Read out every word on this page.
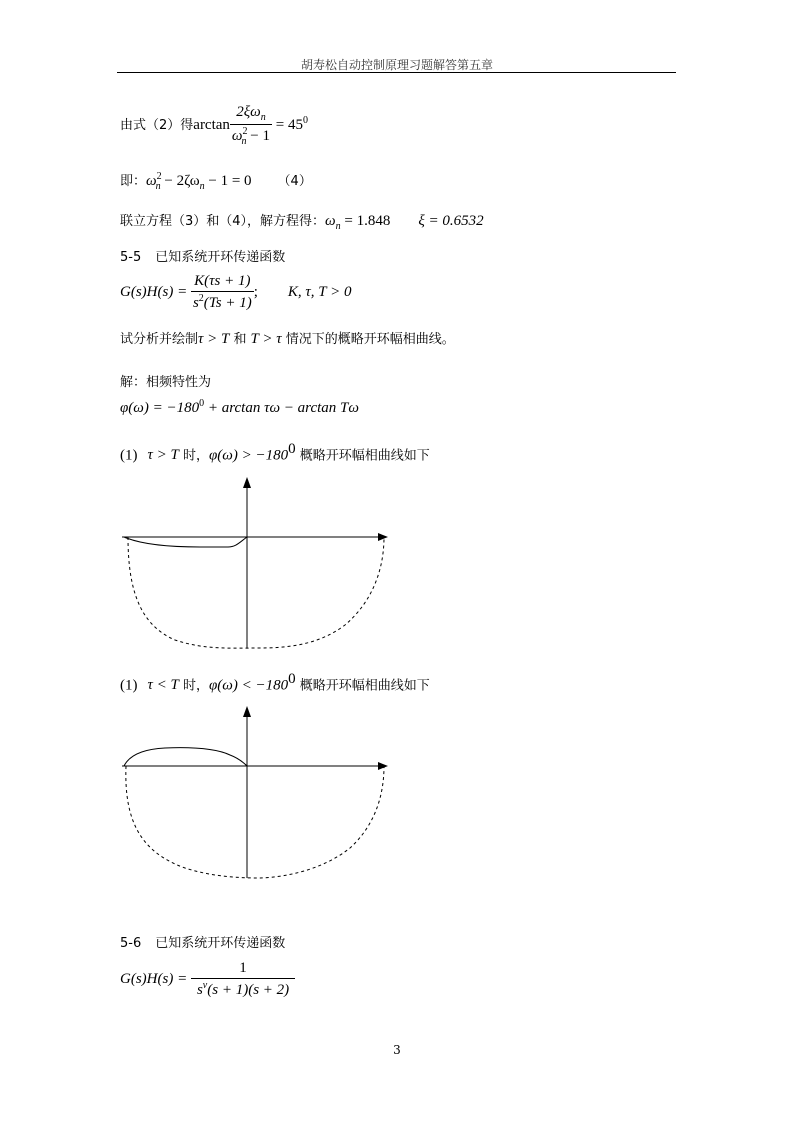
胡寿松自动控制原理习题解答第五章
由式（2）得$\arctan \frac{2\xi\omega_n}{\omega^2_n - 1} = 45^0$
即：$\omega^2_n - 2\zeta\omega_n - 1 = 0$ （4）
联立方程（3）和（4），解方程得：$\omega_n = 1.848$ ξ = 0.6532
5-5 已知系统开环传递函数
$G(s)H(s) = \frac{K(\tau s + 1)}{s^2(Ts + 1)}$ ; K, τ, T > 0
试分析并绘制τ > T 和 T > τ 情况下的概略开环幅相曲线。
解：相频特性为
$\varphi(\omega) = -180^0 + \arctan \tau\omega - \arctan T\omega$
(1) τ > T 时，$\varphi(\omega) > -180^0$ 概略开环幅相曲线如下
(1) τ < T 时，$\varphi(\omega) < -180^0$ 概略开环幅相曲线如下
5-6 已知系统开环传递函数
$G(s)H(s) = \frac{1}{s^\nu(s + 1)(s + 2)}$
3
